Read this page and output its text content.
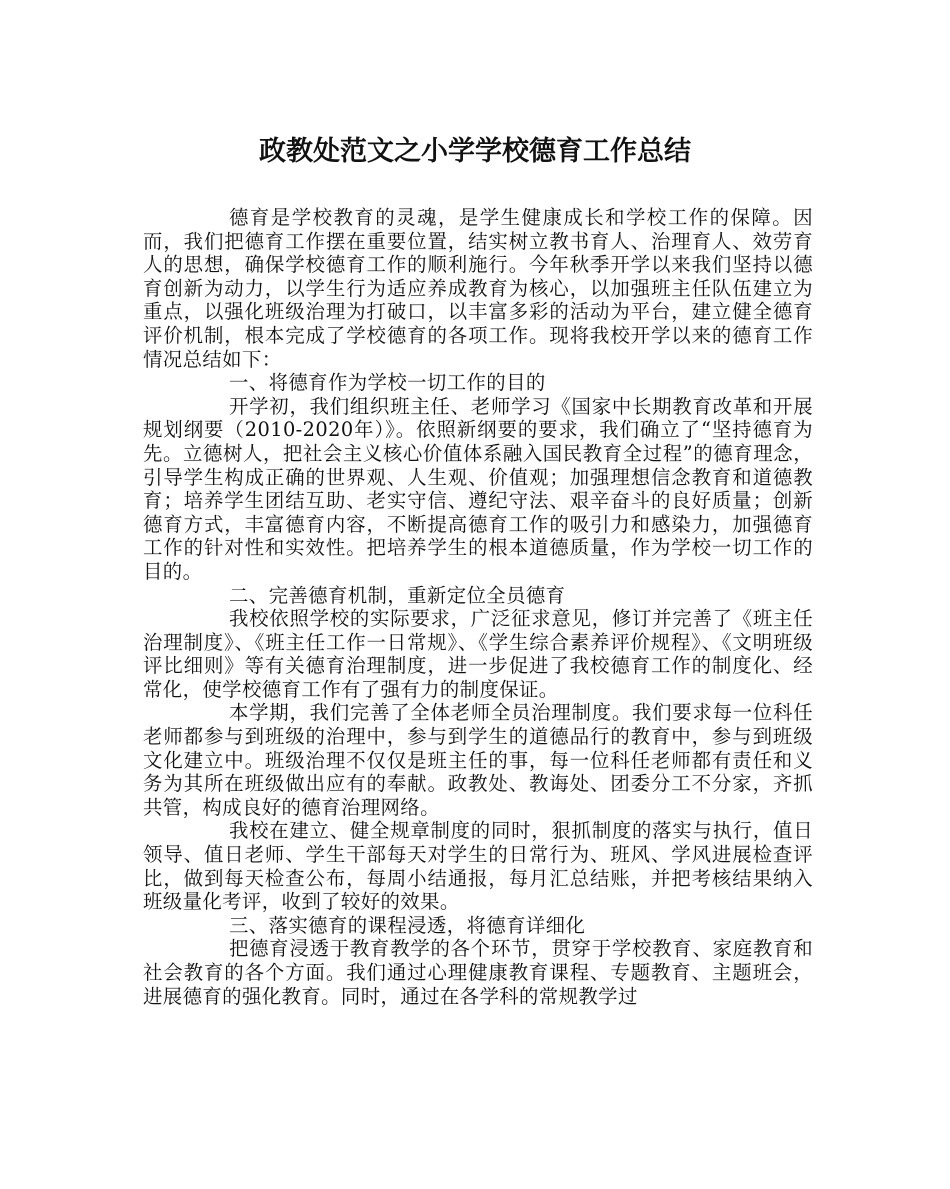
政教处范文之小学学校德育工作总结

德育是学校教育的灵魂，是学生健康成长和学校工作的保障。因而，我们把德育工作摆在重要位置，结实树立教书育人、治理育人、效劳育人的思想，确保学校德育工作的顺利施行。今年秋季开学以来我们坚持以德育创新为动力，以学生行为适应养成教育为核心，以加强班主任队伍建立为重点，以强化班级治理为打破口，以丰富多彩的活动为平台，建立健全德育评价机制，根本完成了学校德育的各项工作。现将我校开学以来的德育工作情况总结如下：

一、将德育作为学校一切工作的目的

开学初，我们组织班主任、老师学习《国家中长期教育改革和开展规划纲要（2010-2020年）》。依照新纲要的要求，我们确立了“坚持德育为先。立德树人，把社会主义核心价值体系融入国民教育全过程”的德育理念，引导学生构成正确的世界观、人生观、价值观；加强理想信念教育和道德教育；培养学生团结互助、老实守信、遵纪守法、艰辛奋斗的良好质量；创新德育方式，丰富德育内容，不断提高德育工作的吸引力和感染力，加强德育工作的针对性和实效性。把培养学生的根本道德质量，作为学校一切工作的目的。

二、完善德育机制，重新定位全员德育

我校依照学校的实际要求，广泛征求意见，修订并完善了《班主任治理制度》、《班主任工作一日常规》、《学生综合素养评价规程》、《文明班级评比细则》等有关德育治理制度，进一步促进了我校德育工作的制度化、经常化，使学校德育工作有了强有力的制度保证。

本学期，我们完善了全体老师全员治理制度。我们要求每一位科任老师都参与到班级的治理中，参与到学生的道德品行的教育中，参与到班级文化建立中。班级治理不仅仅是班主任的事，每一位科任老师都有责任和义务为其所在班级做出应有的奉献。政教处、教诲处、团委分工不分家，齐抓共管，构成良好的德育治理网络。

我校在建立、健全规章制度的同时，狠抓制度的落实与执行，值日领导、值日老师、学生干部每天对学生的日常行为、班风、学风进展检查评比，做到每天检查公布，每周小结通报，每月汇总结账，并把考核结果纳入班级量化考评，收到了较好的效果。

三、落实德育的课程浸透，将德育详细化

把德育浸透于教育教学的各个环节，贯穿于学校教育、家庭教育和社会教育的各个方面。我们通过心理健康教育课程、专题教育、主题班会，进展德育的强化教育。同时，通过在各学科的常规教学过
